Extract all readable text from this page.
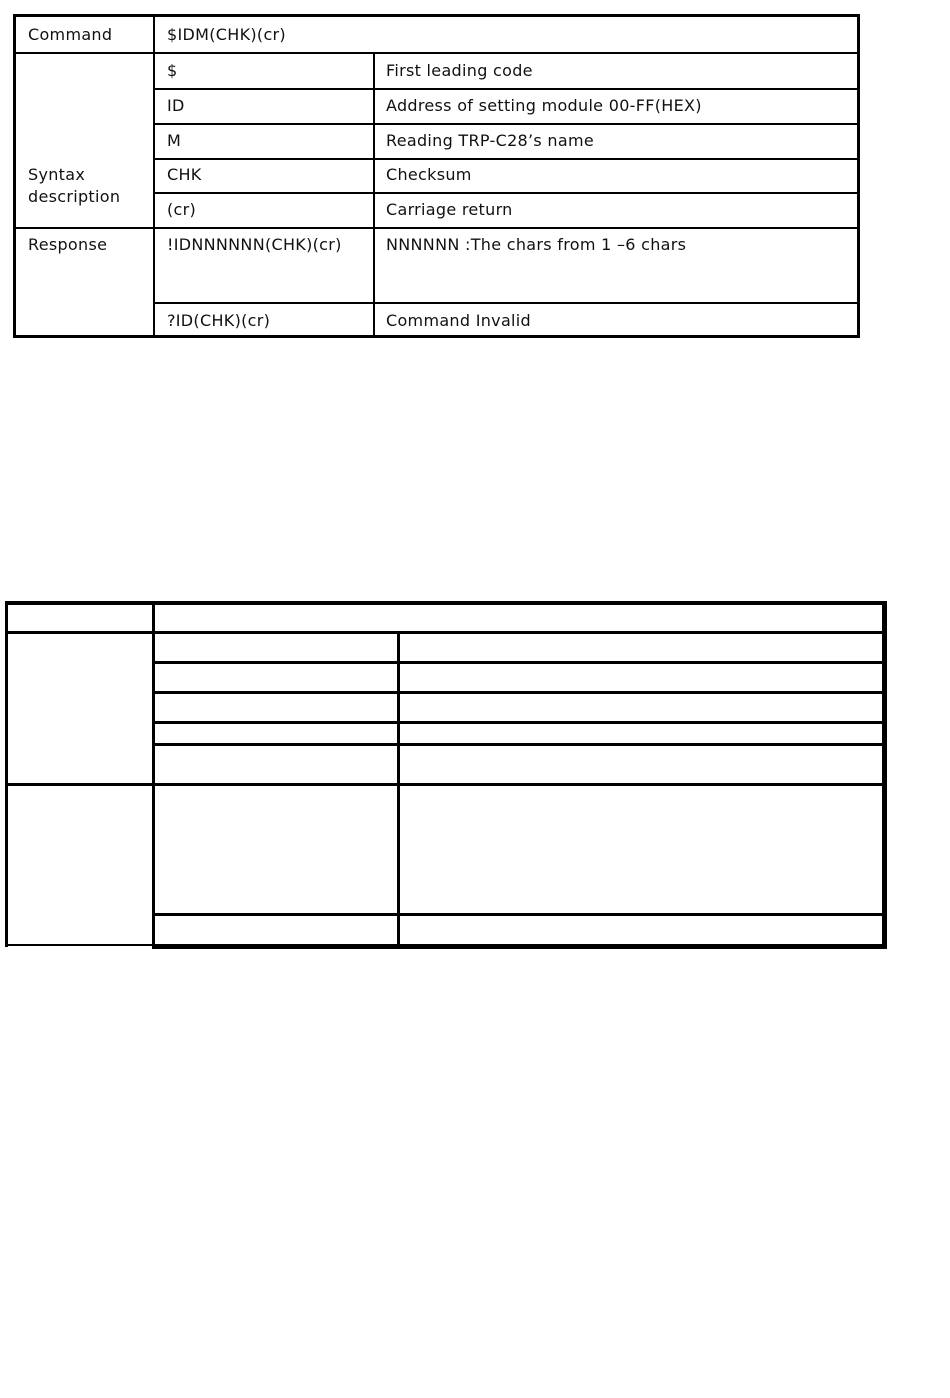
Command	$IDM(CHK)(cr)
Syntax
description
$	First leading code
ID	Address of setting module 00-FF(HEX)
M	Reading TRP-C28’s name
CHK	Checksum
(cr)	Carriage return
Response	!IDNNNNNN(CHK)(cr)	NNNNNN :The chars from 1 –6 chars
?ID(CHK)(cr)	Command Invalid
